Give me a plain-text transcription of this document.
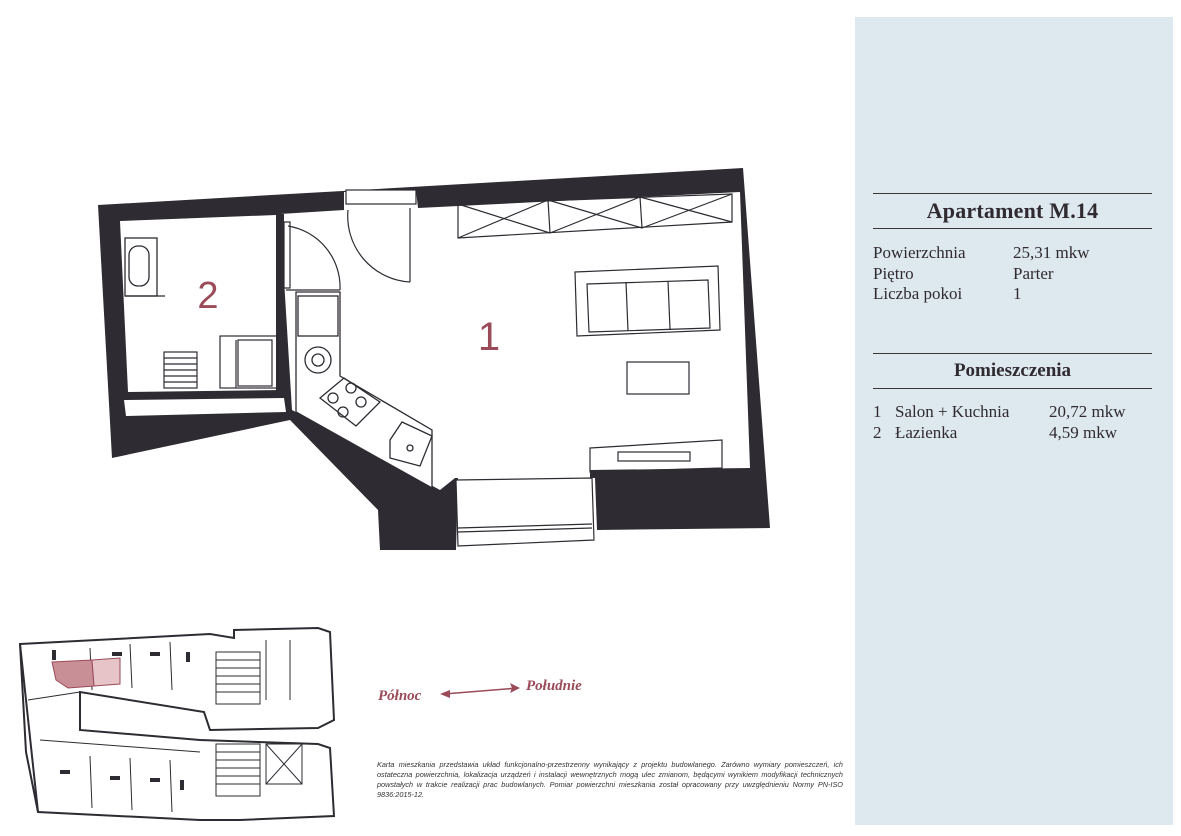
2
1
Północ
Południe
Karta mieszkania przedstawia układ funkcjonalno-przestrzenny wynikający z projektu budowlanego. Zarówno wymiary pomieszczeń, ich ostateczna powierzchnia, lokalizacja urządzeń i instalacji wewnętrznych mogą ulec zmianom, będącymi wynikiem modyfikacji technicznych powstałych w trakcie realizacji prac budowlanych. Pomiar powierzchni mieszkania został opracowany przy uwzględnieniu Normy PN-ISO 9836:2015-12.
Apartament M.14
Powierzchnia	25,31 mkw
Piętro	Parter
Liczba pokoi	1
Pomieszczenia
1 Salon + Kuchnia 20,72 mkw
2 Łazienka	4,59 mkw
